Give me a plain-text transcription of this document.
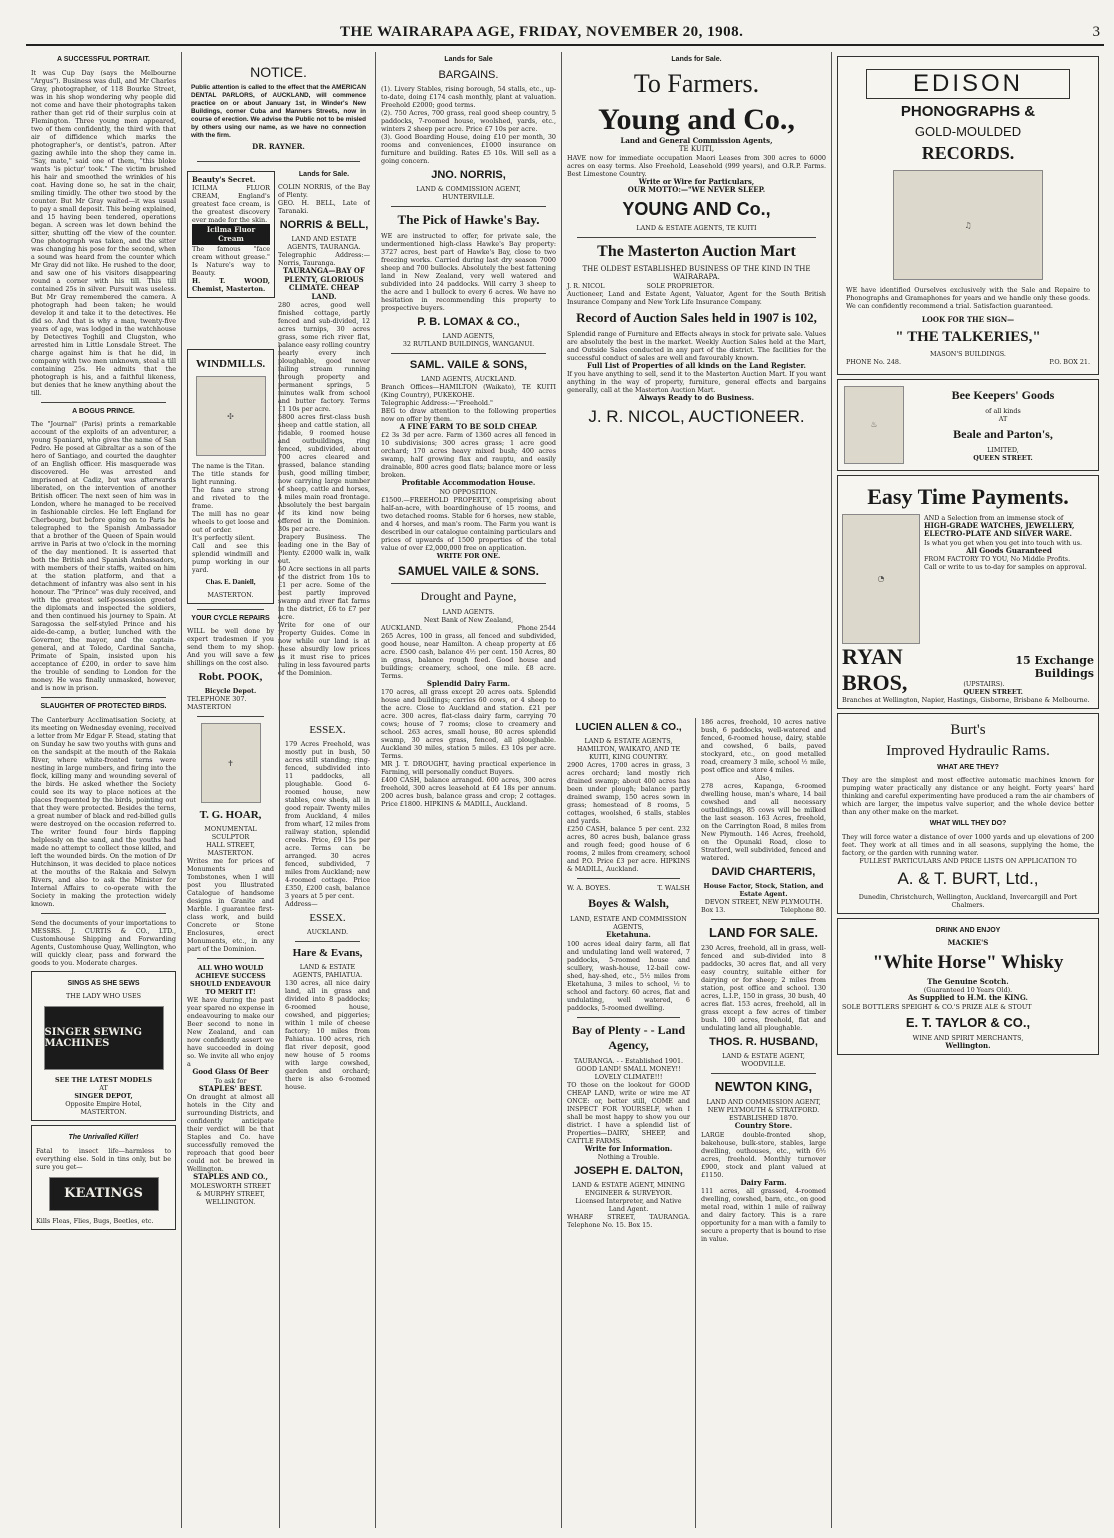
THE WAIRARAPA AGE, FRIDAY, NOVEMBER 20, 1908.	3
A SUCCESSFUL PORTRAIT.
It was Cup Day (says the Melbourne "Argus"). Business was dull, and Mr Charles Gray, photographer, of 118 Bourke Street, was in his shop wondering why people did not come and have their photographs taken rather than get rid of their surplus coin at Flemington. Three young men appeared, two of them confidently, the third with that air of diffidence which marks the photographer's, or dentist's, patron. After gazing awhile into the shop they came in. "Say, mate," said one of them, "this bloke wants 'is pictur' took." The victim brushed his hair and smoothed the wrinkles of his coat. Having done so, he sat in the chair, smiling timidly. The other two stood by the counter. But Mr Gray waited—it was usual to pay a small deposit. This being explained, and 15 having been tendered, operations began. A screen was let down behind the sitter, shutting off the view of the counter. One photograph was taken, and the sitter was changing his pose for the second, when a sound was heard from the counter which Mr Gray did not like. He rushed to the door, and saw one of his visitors disappearing round a corner with his till. This till contained 25s in silver. Pursuit was useless. But Mr Gray remembered the camera. A photograph had been taken; he would develop it and take it to the detectives. He did so. And that is why a man, twenty-five years of age, was lodged in the watchhouse by Detectives Toghill and Clugston, who arrested him in Little Lonsdale Street. The charge against him is that he did, in company with two men unknown, steal a till containing 25s. He admits that the photograph is his, and a faithful likeness, but denies that he knew anything about the till.
A BOGUS PRINCE.
The "Journal" (Paris) prints a remarkable account of the exploits of an adventurer, a young Spaniard, who gives the name of San Pedro. He posed at Gibraltar as a son of the hero of Santiago, and courted the daughter of an English officer. His masquerade was discovered. He was arrested and imprisoned at Cadiz, but was afterwards liberated, on the intervention of another British officer. The next seen of him was in London, where he managed to be received in fashionable circles. He left England for Cherbourg, but before going on to Paris he telegraphed to the Spanish Ambassador that a brother of the Queen of Spain would arrive in Paris at two o'clock in the morning of the day mentioned. It is asserted that both the British and Spanish Ambassadors, with members of their staffs, waited on him at the station platform, and that a detachment of infantry was also sent in his honour. The "Prince" was duly received, and with the greatest self-possession greeted the diplomats and inspected the soldiers, and then continued his journey to Spain. At Saragossa the self-styled Prince and his aide-de-camp, a butler, lunched with the Governor, the mayor, and the captain-general, and at Toledo, Cardinal Sancha, Primate of Spain, insisted upon his acceptance of £200, in order to save him the trouble of sending to London for the money. He was finally unmasked, however, and is now in prison.
SLAUGHTER OF PROTECTED BIRDS.
The Canterbury Acclimatisation Society, at its meeting on Wednesday evening, received a letter from Mr Edgar F. Stead, stating that on Sunday he saw two youths with guns and on the sandspit at the mouth of the Rakaia River, where white-fronted terns were nesting in large numbers, and firing into the flock, killing many and wounding several of the birds. He asked whether the Society could see its way to place notices at the places frequented by the birds, pointing out that they were protected. Besides the terns, a great number of black and red-billed gulls were destroyed on the occasion referred to. The writer found four birds flapping helplessly on the sand, and the youths had made no attempt to collect those killed, and left the wounded birds. On the motion of Dr Hutchinson, it was decided to place notices at the mouths of the Rakaia and Selwyn Rivers, and also to ask the Minister for Internal Affairs to co-operate with the Society in making the protection widely known.
Send the documents of your importations to MESSRS. J. CURTIS & CO., LTD., Customhouse Shipping and Forwarding Agents, Customhouse Quay, Wellington, who will quickly clear, pass and forward the goods to you. Moderate charges.
SINGS AS SHE SEWS
THE LADY WHO USES
SINGER SEWING MACHINES
SEE THE LATEST MODELS
AT
SINGER DEPOT,
Opposite Empire Hotel,
MASTERTON.
The Unrivalled Killer!
Fatal to insect life—harmless to everything else. Sold in tins only, but be sure you get—
KEATINGS
Kills Fleas, Flies, Bugs, Beetles, etc.
NOTICE.
Public attention is called to the effect that the AMERICAN DENTAL PARLORS, of AUCKLAND, will commence practice on or about January 1st, in Winder's New Buildings, corner Cuba and Manners Streets, now in course of erection. We advise the Public not to be misled by others using our name, as we have no connection with the firm.
DR. RAYNER.
Beauty's Secret.
ICILMA FLUOR CREAM, England's greatest face cream, is the greatest discovery ever made for the skin.
Icilma Fluor Cream
The famous "face cream without grease." Is Nature's way to Beauty.
H. T. WOOD, Chemist, Masterton.
Lands for Sale.
COLIN NORRIS, of the Bay of Plenty.
GEO. H. BELL, Late of Taranaki.
NORRIS & BELL,
LAND AND ESTATE AGENTS, TAURANGA.
Telegraphic Address:—Norris, Tauranga.
TAURANGA—BAY OF PLENTY, GLORIOUS CLIMATE. CHEAP LAND.
280 acres, good well finished cottage, partly fenced and sub-divided, 12 acres turnips, 30 acres grass, some rich river flat, balance easy rolling country nearly every inch ploughable, good never failing stream running through property and permanent springs, 5 minutes walk from school and butter factory. Terms £1 10s per acre.
5800 acres first-class bush sheep and cattle station, all ridable, 9 roomed house and outbuildings, ring fenced, subdivided, about 700 acres cleared and grassed, balance standing bush, good milling timber, now carrying large number of sheep, cattle and horses, 4 miles main road frontage. Absolutely the best bargain of its kind now being offered in the Dominion. 30s per acre.
Drapery Business. The leading one in the Bay of Plenty. £2000 walk in, walk out.
50 Acre sections in all parts of the district from 10s to £1 per acre. Some of the best partly improved swamp and river flat farms in the district, £6 to £7 per acre.
Write for one of our Property Guides. Come in now while our land is at these absurdly low prices as it must rise to prices ruling in less favoured parts of the Dominion.
WINDMILLS.
✣
The name is the Titan.
The title stands for light running.
The fans are strong and riveted to the frame.
The mill has no gear wheels to get loose and out of order.
It's perfectly silent.
Call and see this splendid windmill and pump working in our yard.
Chas. E. Daniell,
MASTERTON.
YOUR CYCLE REPAIRS
WILL be well done by expert tradesmen if you send them to my shop. And you will save a few shillings on the cost also.
Robt. POOK,
Bicycle Depot.
TELEPHONE 307.
MASTERTON
✝
T. G. HOAR,
MONUMENTAL SCULPTOR
HALL STREET, MASTERTON.
Writes me for prices of Monuments and Tombstones, when I will post you Illustrated Catalogue of handsome designs in Granite and Marble. I guarantee first-class work, and build Concrete or Stone Enclosures, erect Monuments, etc., in any part of the Dominion.
ALL WHO WOULD ACHIEVE SUCCESS SHOULD ENDEAVOUR TO MERIT IT!
WE have during the past year spared no expense in endeavouring to make our Beer second to none in New Zealand, and can now confidently assert we have succeeded in doing so. We invite all who enjoy a
Good Glass Of Beer
To ask for
STAPLES' BEST.
On draught at almost all hotels in the City and surrounding Districts, and confidently anticipate their verdict will be that Staples and Co. have successfully removed the reproach that good beer could not be brewed in Wellington.
STAPLES AND CO.,
MOLESWORTH STREET & MURPHY STREET,
WELLINGTON.
ESSEX.
179 Acres Freehold, was mostly put in bush, 50 acres still standing; ring-fenced, subdivided into 11 paddocks, all ploughable. Good 6-roomed house, new stables, cow sheds, all in good repair. Twenty miles from Auckland, 4 miles from wharf, 12 miles from railway station, splendid creeks. Price, £9 15s per acre. Terms can be arranged. 30 acres fenced, subdivided, 7 miles from Auckland; new 4-roomed cottage. Price £350, £200 cash, balance 3 years at 5 per cent.
Address—
ESSEX.
AUCKLAND.
Hare & Evans,
LAND & ESTATE AGENTS, PAHIATUA.
130 acres, all nice dairy land, all in grass and divided into 8 paddocks; 6-roomed house, cowshed, and piggeries; within 1 mile of cheese factory; 10 miles from Pahiatua. 100 acres, rich flat river deposit, good new house of 5 rooms with large cowshed, garden and orchard; there is also 6-roomed house.
Lands for Sale
BARGAINS.
(1). Livery Stables, rising borough, 54 stalls, etc., up-to-date, doing £174 cash monthly, plant at valuation. Freehold £2000; good terms.
(2). 750 Acres, 700 grass, real good sheep country, 5 paddocks, 7-roomed house, woolshed, yards, etc., winters 2 sheep per acre. Price £7 10s per acre.
(3). Good Boarding House, doing £10 per month, 30 rooms and conveniences, £1000 insurance on furniture and building. Rates £5 10s. Will sell as a going concern.
JNO. NORRIS,
LAND & COMMISSION AGENT,
HUNTERVILLE.
The Pick of Hawke's Bay.
WE are instructed to offer, for private sale, the undermentioned high-class Hawke's Bay property: 3727 acres, best part of Hawke's Bay, close to two freezing works. Carried during last dry season 7000 sheep and 700 bullocks. Absolutely the best fattening land in New Zealand, very well watered and subdivided into 24 paddocks. Will carry 3 sheep to the acre and 1 bullock to every 6 acres. We have no hesitation in recommending this property to prospective buyers.
P. B. LOMAX & CO.,
LAND AGENTS,
32 RUTLAND BUILDINGS, WANGANUI.
SAML. VAILE & SONS,
LAND AGENTS, AUCKLAND.
Branch Offices—HAMILTON (Waikato), TE KUITI (King Country), PUKEKOHE.
Telegraphic Address:—"Freehold."
BEG to draw attention to the following properties now on offer by them.
A FINE FARM TO BE SOLD CHEAP.
£2 3s 3d per acre. Farm of 1360 acres all fenced in 10 subdivisions; 300 acres grass; 1 acre good orchard; 170 acres heavy mixed bush; 400 acres swamp, half growing flax and rauptu, and easily drainable, 800 acres good flats; balance more or less broken.
Profitable Accommodation House.
NO OPPOSITION.
£1500.—FREEHOLD PROPERTY, comprising about half-an-acre, with boardinghouse of 15 rooms, and two detached rooms. Stable for 6 horses, new stable, and 4 horses, and man's room. The Farm you want is described in our catalogue containing particulars and prices of upwards of 1500 properties of the total value of over £2,000,000 free on application.
WRITE FOR ONE.
SAMUEL VAILE & SONS.
Drought and Payne,
LAND AGENTS.
Next Bank of New Zealand,
AUCKLAND.	Phone 2544
265 Acres, 100 in grass, all fenced and subdivided, good house, near Hamilton. A cheap property at £6 acre. £500 cash, balance 4½ per cent. 150 Acres, 80 in grass, balance rough feed. Good house and buildings; creamery, school, one mile. £8 acre. Terms.
Splendid Dairy Farm.
170 acres, all grass except 20 acres oats. Splendid house and buildings; carries 60 cows, or 4 sheep to the acre. Close to Auckland and station. £21 per acre. 300 acres, flat-class dairy farm, carrying 70 cows; house of 7 rooms; close to creamery and school. 263 acres, small house, 80 acres splendid swamp, 30 acres grass, fenced, all ploughable. Auckland 30 miles, station 5 miles. £3 10s per acre. Terms.
MR J. T. DROUGHT, having practical experience in Farming, will personally conduct Buyers.
£400 CASH, balance arranged. 600 acres, 300 acres freehold, 300 acres leasehold at £4 18s per annum. 200 acres bush, balance grass and crop; 2 cottages. Price £1800. HIPKINS & MADILL, Auckland.
Lands for Sale.
To Farmers.
Young and Co.,
Land and General Commission Agents,
TE KUITI,
HAVE now for immediate occupation Maori Leases from 300 acres to 6000 acres on easy terms. Also Freehold, Leasehold (999 years), and O.R.P. Farms. Best Limestone Country.
Write or Wire for Particulars,
OUR MOTTO:—"WE NEVER SLEEP.
YOUNG AND Co.,
LAND & ESTATE AGENTS, TE KUITI
The Masterton Auction Mart
THE OLDEST ESTABLISHED BUSINESS OF THE KIND IN THE WAIRARAPA.
J. R. NICOL	SOLE PROPRIETOR.
Auctioneer, Land and Estate Agent, Valuator, Agent for the South British Insurance Company and New York Life Insurance Company.
Record of Auction Sales held in 1907 is 102,
Splendid range of Furniture and Effects always in stock for private sale. Values are absolutely the best in the market. Weekly Auction Sales held at the Mart, and Outside Sales conducted in any part of the district. The facilities for the successful conduct of sales are well and favourably known.
Full List of Properties of all kinds on the Land Register.
If you have anything to sell, send it to the Masterton Auction Mart. If you want anything in the way of property, furniture, general effects and bargains generally, call at the Masterton Auction Mart.
Always Ready to do Business.
J. R. NICOL, AUCTIONEER.
LUCIEN ALLEN & CO.,
LAND & ESTATE AGENTS,
HAMILTON, WAIKATO, AND TE KUITI, KING COUNTRY.
2900 Acres, 1700 acres in grass, 3 acres orchard; land mostly rich drained swamp; about 400 acres has been under plough; balance partly drained swamp, 150 acres sown in grass; homestead of 8 rooms, 5 cottages, woolshed, 6 stalls, stables and yards.
£250 CASH, balance 5 per cent. 232 acres, 80 acres bush, balance grass and rough feed; good house of 6 rooms, 2 miles from creamery, school and P.O. Price £3 per acre. HIPKINS & MADILL, Auckland.
W. A. BOYES.	T. WALSH
Boyes & Walsh,
LAND, ESTATE AND COMMISSION AGENTS,
Eketahuna.
100 acres ideal dairy farm, all flat and undulating land well watered, 7 paddocks, 5-roomed house and scullery, wash-house, 12-bail cow-shed, hay-shed, etc., 5½ miles from Eketahuna, 3 miles to school, ½ to school and factory. 60 acres, flat and undulating, well watered, 6 paddocks, 5-roomed dwelling.
Bay of Plenty - - Land Agency,
TAURANGA. - - Established 1901.
GOOD LAND! SMALL MONEY!! LOVELY CLIMATE!!!
TO those on the lookout for GOOD CHEAP LAND, write or wire me AT ONCE: or, better still, COME and INSPECT FOR YOURSELF, when I shall be most happy to show you our district. I have a splendid list of Properties—DAIRY, SHEEP, and CATTLE FARMS.
Write for Information.
Nothing a Trouble.
JOSEPH E. DALTON,
LAND & ESTATE AGENT, MINING ENGINEER & SURVEYOR.
Licensed Interpreter, and Native Land Agent.
WHARF STREET, TAURANGA. Telephone No. 15. Box 15.
186 acres, freehold, 10 acres native bush, 6 paddocks, well-watered and fenced, 6-roomed house, dairy, stable and cowshed, 6 bails, paved stockyard, etc., on good metalled road, creamery 3 mile, school ½ mile, post office and store 4 miles.
Also,
278 acres, Kapanga, 6-roomed dwelling house, man's whare, 14 bail cowshed and all necessary outbuildings, 85 cows will be milked the last season. 163 Acres, freehold, on the Carrington Road, 8 miles from New Plymouth. 146 Acres, freehold, on the Opunaki Road, close to Stratford, well subdivided, fenced and watered.
DAVID CHARTERIS,
House Factor, Stock, Station, and Estate Agent.
DEVON STREET, NEW PLYMOUTH.
Box 13.	Telephone 80.
LAND FOR SALE.
230 Acres, freehold, all in grass, well-fenced and sub-divided into 8 paddocks, 30 acres flat, and all very easy country, suitable either for dairying or for sheep; 2 miles from station, post office and school. 130 acres, L.I.P., 150 in grass, 30 bush, 40 acres flat. 153 acres, freehold, all in grass except a few acres of timber bush. 100 acres, freehold, flat and undulating land all ploughable.
THOS. R. HUSBAND,
LAND & ESTATE AGENT, WOODVILLE.
NEWTON KING,
LAND AND COMMISSION AGENT, NEW PLYMOUTH & STRATFORD.
ESTABLISHED 1870.
Country Store.
LARGE double-fronted shop, bakehouse, bulk-store, stables, large dwelling, outhouses, etc., with 6½ acres, freehold. Monthly turnover £900, stock and plant valued at £1150.
Dairy Farm.
111 acres, all grassed, 4-roomed dwelling, cowshed, barn, etc., on good metal road, within 1 mile of railway and dairy factory. This is a rare opportunity for a man with a family to secure a property that is bound to rise in value.
EDISON
PHONOGRAPHS &
GOLD-MOULDED
RECORDS.
♫
WE have identified Ourselves exclusively with the Sale and Repaire to Phonographs and Gramaphones for years and we handle only these goods. We can confidently recommend a trial. Satisfaction guaranteed.
LOOK FOR THE SIGN—
" THE TALKERIES,"
MASON'S BUILDINGS.
PHONE No. 248.	P.O. BOX 21.
♨
Bee Keepers' Goods
of all kinds
AT
Beale and Parton's,
LIMITED,
QUEEN STREET.
Easy Time Payments.
◔
AND a Selection from an immense stock of
HIGH-GRADE WATCHES, JEWELLERY, ELECTRO-PLATE AND SILVER WARE.
Is what you get when you get into touch with us.
All Goods Guaranteed
FROM FACTORY TO YOU, No Middle Profits.
Call or write to us to-day for samples on approval.
RYAN BROS,
15 Exchange Buildings
(UPSTAIRS).
QUEEN STREET.
Branches at Wellington, Napier, Hastings, Gisborne, Brisbane & Melbourne.
Burt's
Improved Hydraulic Rams.
WHAT ARE THEY?
They are the simplest and most effective automatic machines known for pumping water practically any distance or any height. Forty years' hard thinking and careful experimenting have produced a ram the air chambers of which are larger, the impetus valve superior, and the whole device better than any other make on the market.
WHAT WILL THEY DO?
They will force water a distance of over 1000 yards and up elevations of 200 feet. They work at all times and in all seasons, supplying the home, the factory, or the garden with running water.
FULLEST PARTICULARS AND PRICE LISTS ON APPLICATION TO
A. & T. BURT, Ltd.,
Dunedin, Christchurch, Wellington, Auckland, Invercargill and Port Chalmers.
DRINK AND ENJOY
MACKIE'S
"White Horse" Whisky
The Genuine Scotch.
(Guaranteed 10 Years Old).
As Supplied to H.M. the KING.
SOLE BOTTLERS SPEIGHT & CO.'S PRIZE ALE & STOUT
E. T. TAYLOR & CO.,
WINE AND SPIRIT MERCHANTS,
Wellington.
